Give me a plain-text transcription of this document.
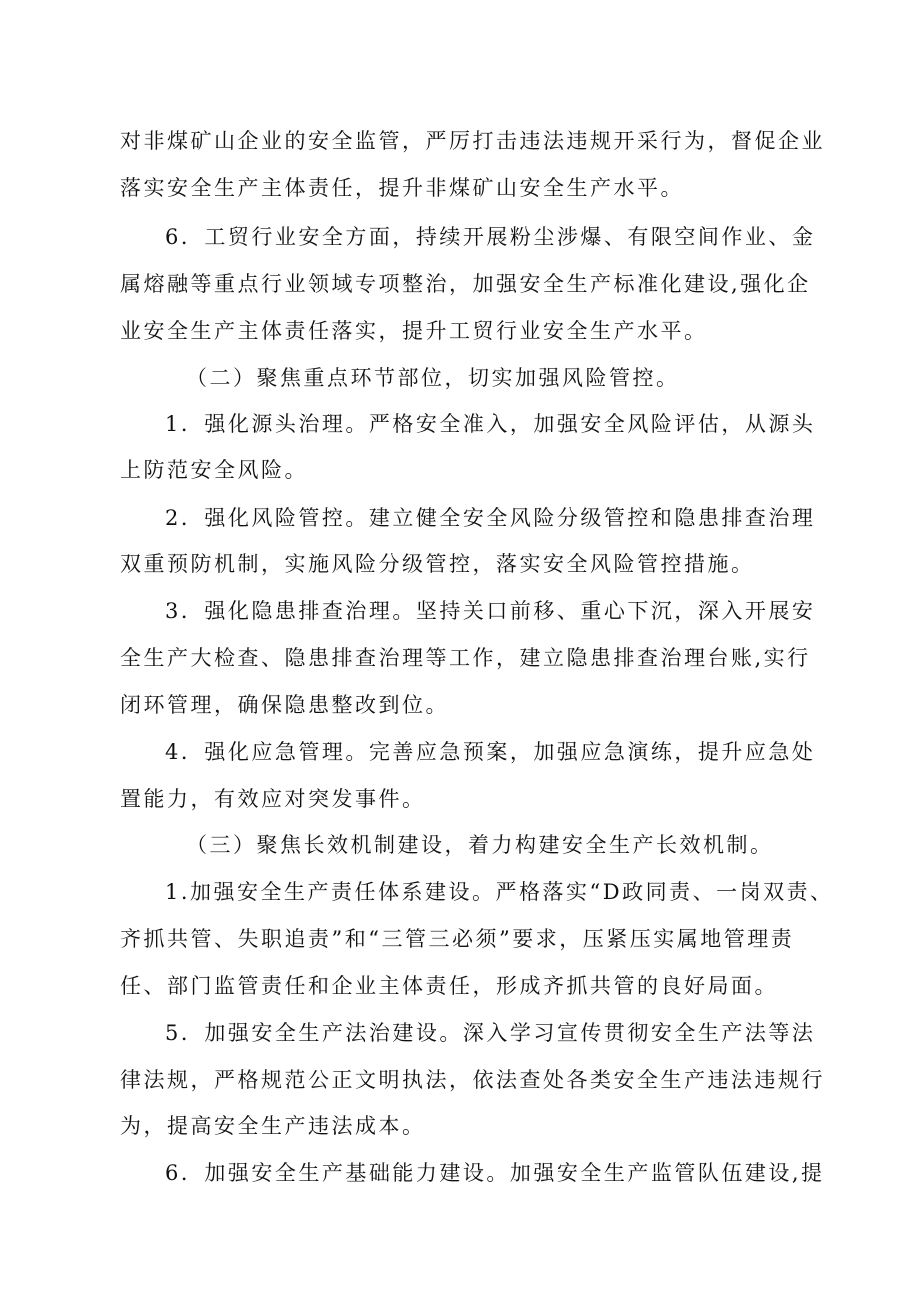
对非煤矿山企业的安全监管，严厉打击违法违规开采行为，督促企业
落实安全生产主体责任，提升非煤矿山安全生产水平。
6．工贸行业安全方面，持续开展粉尘涉爆、有限空间作业、金
属熔融等重点行业领域专项整治，加强安全生产标准化建设,强化企
业安全生产主体责任落实，提升工贸行业安全生产水平。
（二）聚焦重点环节部位，切实加强风险管控。
1．强化源头治理。严格安全准入，加强安全风险评估，从源头
上防范安全风险。
2．强化风险管控。建立健全安全风险分级管控和隐患排查治理
双重预防机制，实施风险分级管控，落实安全风险管控措施。
3．强化隐患排查治理。坚持关口前移、重心下沉，深入开展安
全生产大检查、隐患排查治理等工作，建立隐患排查治理台账,实行
闭环管理，确保隐患整改到位。
4．强化应急管理。完善应急预案，加强应急演练，提升应急处
置能力，有效应对突发事件。
（三）聚焦长效机制建设，着力构建安全生产长效机制。
1.加强安全生产责任体系建设。严格落实“D政同责、一岗双责、
齐抓共管、失职追责”和“三管三必须”要求，压紧压实属地管理责
任、部门监管责任和企业主体责任，形成齐抓共管的良好局面。
5．加强安全生产法治建设。深入学习宣传贯彻安全生产法等法
律法规，严格规范公正文明执法，依法查处各类安全生产违法违规行
为，提高安全生产违法成本。
6．加强安全生产基础能力建设。加强安全生产监管队伍建设,提
